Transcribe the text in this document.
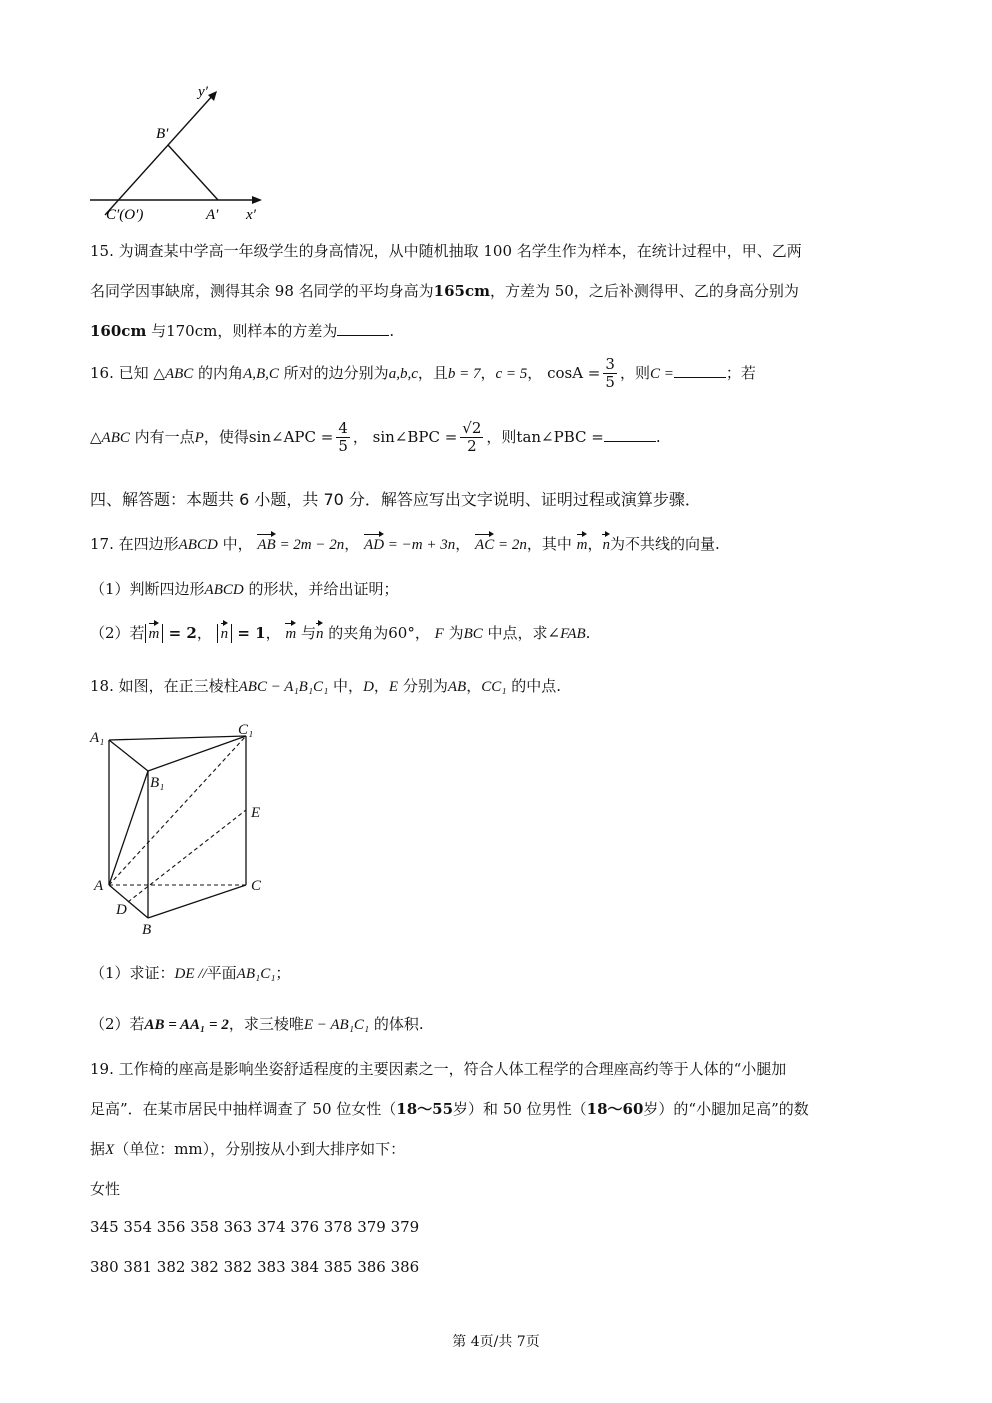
y′
B′
C′(O′)	A′ x′
15. 为调查某中学高一年级学生的身高情况，从中随机抽取 100 名学生作为样本，在统计过程中，甲、乙两
名同学因事缺席，测得其余 98 名同学的平均身高为165cm，方差为 50，之后补测得甲、乙的身高分别为
160cm 与170cm，则样本的方差为	.
16. 已知 △ABC 的内角A,B,C 所对的边分别为a,b,c，且b = 7，c = 5， $\cos A = \frac{3}{5}$ ，则C =	；若
△ABC 内有一点P，使得sin∠APC = $\frac{4}{5}$ ， sin∠BPC = $\frac{√2}{2}$ ，则tan∠PBC =	.
四、解答题：本题共 6 小题，共 70 分．解答应写出文字说明、证明过程或演算步骤．
17. 在四边形ABCD 中， AB = 2m − 2n， AD = −m + 3n， AC = 2n，其中 m，n为不共线的向量.
（1）判断四边形ABCD 的形状，并给出证明；
（2）若 m = 2， n = 1， m 与n 的夹角为60°， F 为BC 中点，求∠FAB.
18. 如图，在正三棱柱ABC − A₁B₁C₁ 中，D，E 分别为AB，CC₁ 的中点.
A₁	C₁
B₁
E
A	C
D
B
（1）求证：DE //平面AB₁C₁；
（2）若AB = AA₁ = 2，求三棱唯E − AB₁C₁ 的体积.
19. 工作椅的座高是影响坐姿舒适程度的主要因素之一，符合人体工程学的合理座高约等于人体的“小腿加
足高”．在某市居民中抽样调查了 50 位女性（18～55岁）和 50 位男性（18～60岁）的“小腿加足高”的数
据X（单位：mm），分别按从小到大排序如下：
女性
345 354 356 358 363 374 376 378 379 379
380 381 382 382 382 383 384 385 386 386
第 4页/共 7页
